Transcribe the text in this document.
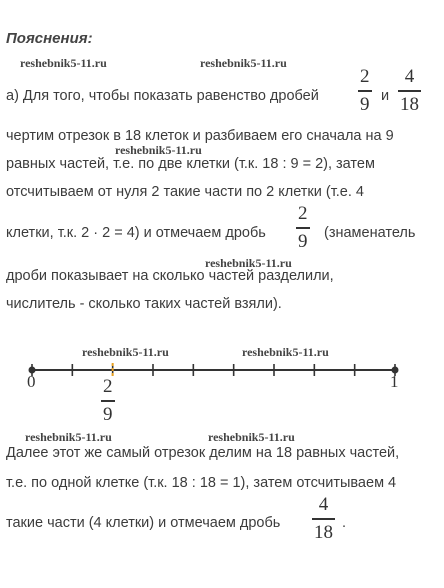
Пояснения:
reshebnik5-11.ru	reshebnik5-11.ru
reshebnik5-11.ru
reshebnik5-11.ru
reshebnik5-11.ru	reshebnik5-11.ru
reshebnik5-11.ru	reshebnik5-11.ru
а) Для того, чтобы показать равенство дробей
2
9 и
4
18
чертим отрезок в 18 клеток и разбиваем его сначала на 9
равных частей, т.е. по две клетки (т.к. 18 : 9 = 2), затем
отсчитываем от нуля 2 такие части по 2 клетки (т.е. 4
клетки, т.к. 2 · 2 = 4) и отмечаем дробь
2
9 (знаменатель
дроби показывает на сколько частей разделили,
числитель - сколько таких частей взяли).
0	1
2
9
Далее этот же самый отрезок делим на 18 равных частей,
т.е. по одной клетке (т.к. 18 : 18 = 1), затем отсчитываем 4
такие части (4 клетки) и отмечаем дробь
4
18 .
